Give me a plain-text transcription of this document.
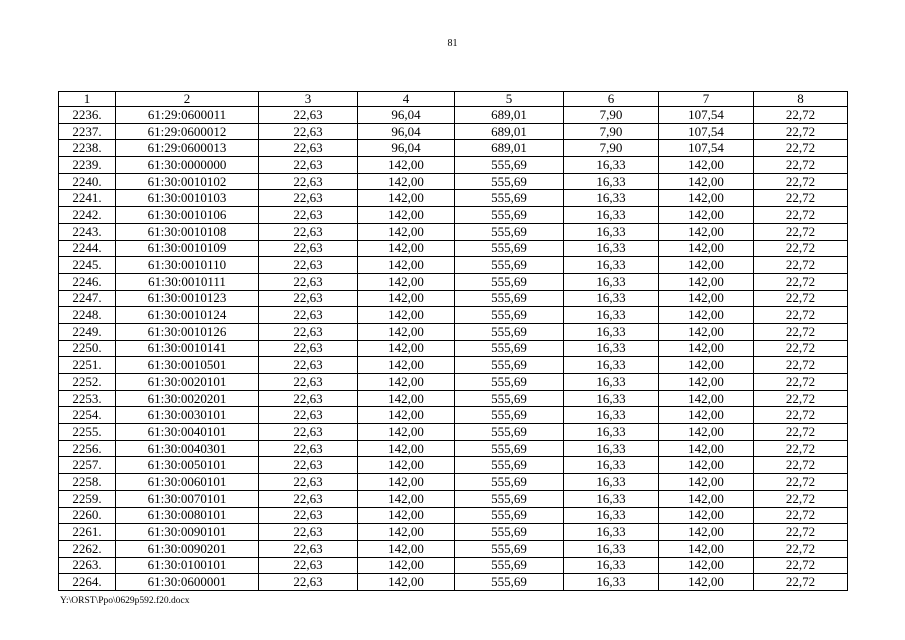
81
1	2	3	4	5	6	7	8
2236.	61:29:0600011	22,63	96,04	689,01	7,90	107,54	22,72
2237.	61:29:0600012	22,63	96,04	689,01	7,90	107,54	22,72
2238.	61:29:0600013	22,63	96,04	689,01	7,90	107,54	22,72
2239.	61:30:0000000	22,63	142,00	555,69	16,33	142,00	22,72
2240.	61:30:0010102	22,63	142,00	555,69	16,33	142,00	22,72
2241.	61:30:0010103	22,63	142,00	555,69	16,33	142,00	22,72
2242.	61:30:0010106	22,63	142,00	555,69	16,33	142,00	22,72
2243.	61:30:0010108	22,63	142,00	555,69	16,33	142,00	22,72
2244.	61:30:0010109	22,63	142,00	555,69	16,33	142,00	22,72
2245.	61:30:0010110	22,63	142,00	555,69	16,33	142,00	22,72
2246.	61:30:0010111	22,63	142,00	555,69	16,33	142,00	22,72
2247.	61:30:0010123	22,63	142,00	555,69	16,33	142,00	22,72
2248.	61:30:0010124	22,63	142,00	555,69	16,33	142,00	22,72
2249.	61:30:0010126	22,63	142,00	555,69	16,33	142,00	22,72
2250.	61:30:0010141	22,63	142,00	555,69	16,33	142,00	22,72
2251.	61:30:0010501	22,63	142,00	555,69	16,33	142,00	22,72
2252.	61:30:0020101	22,63	142,00	555,69	16,33	142,00	22,72
2253.	61:30:0020201	22,63	142,00	555,69	16,33	142,00	22,72
2254.	61:30:0030101	22,63	142,00	555,69	16,33	142,00	22,72
2255.	61:30:0040101	22,63	142,00	555,69	16,33	142,00	22,72
2256.	61:30:0040301	22,63	142,00	555,69	16,33	142,00	22,72
2257.	61:30:0050101	22,63	142,00	555,69	16,33	142,00	22,72
2258.	61:30:0060101	22,63	142,00	555,69	16,33	142,00	22,72
2259.	61:30:0070101	22,63	142,00	555,69	16,33	142,00	22,72
2260.	61:30:0080101	22,63	142,00	555,69	16,33	142,00	22,72
2261.	61:30:0090101	22,63	142,00	555,69	16,33	142,00	22,72
2262.	61:30:0090201	22,63	142,00	555,69	16,33	142,00	22,72
2263.	61:30:0100101	22,63	142,00	555,69	16,33	142,00	22,72
2264.	61:30:0600001	22,63	142,00	555,69	16,33	142,00	22,72
Y:\ORST\Ppo\0629p592.f20.docx
